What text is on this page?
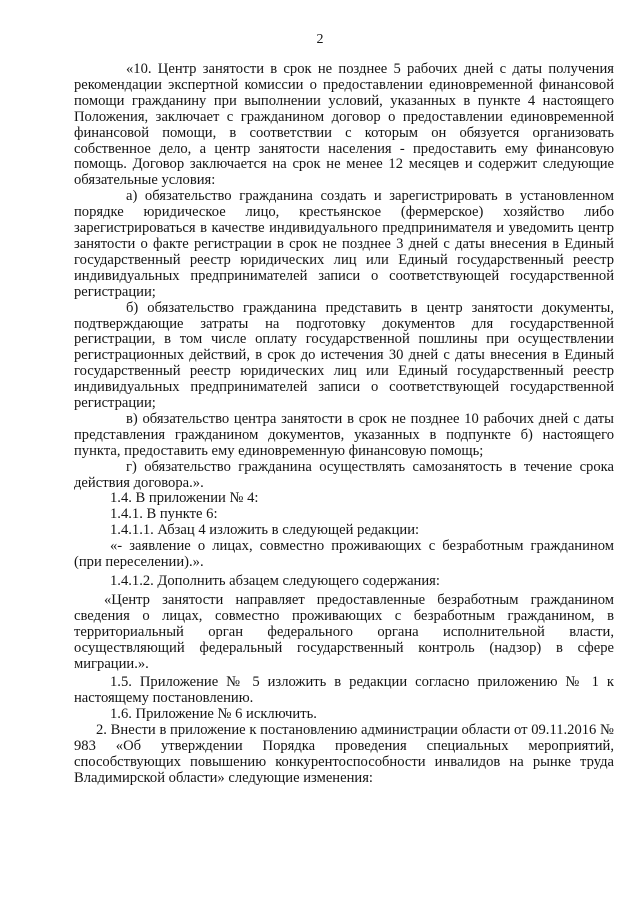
2

«10. Центр занятости в срок не позднее 5 рабочих дней с даты получения рекомендации экспертной комиссии о предоставлении единовременной финансовой помощи гражданину при выполнении условий, указанных в пункте 4 настоящего Положения, заключает с гражданином договор о предоставлении единовременной финансовой помощи, в соответствии с которым он обязуется организовать собственное дело, а центр занятости населения - предоставить ему финансовую помощь. Договор заключается на срок не менее 12 месяцев и содержит следующие обязательные условия:

а) обязательство гражданина создать и зарегистрировать в установленном порядке юридическое лицо, крестьянское (фермерское) хозяйство либо зарегистрироваться в качестве индивидуального предпринимателя и уведомить центр занятости о факте регистрации в срок не позднее 3 дней с даты внесения в Единый государственный реестр юридических лиц или Единый государственный реестр индивидуальных предпринимателей записи о соответствующей государственной регистрации;

б) обязательство гражданина представить в центр занятости документы, подтверждающие затраты на подготовку документов для государственной регистрации, в том числе оплату государственной пошлины при осуществлении регистрационных действий, в срок до истечения 30 дней с даты внесения в Единый государственный реестр юридических лиц или Единый государственный реестр индивидуальных предпринимателей записи о соответствующей государственной регистрации;

в) обязательство центра занятости в срок не позднее 10 рабочих дней с даты представления гражданином документов, указанных в подпункте б) настоящего пункта, предоставить ему единовременную финансовую помощь;

г) обязательство гражданина осуществлять самозанятость в течение срока действия договора.».

1.4. В приложении № 4:

1.4.1. В пункте 6:

1.4.1.1. Абзац 4 изложить в следующей редакции:

«- заявление о лицах, совместно проживающих с безработным гражданином (при переселении).».

1.4.1.2. Дополнить абзацем следующего содержания:

«Центр занятости направляет предоставленные безработным гражданином сведения о лицах, совместно проживающих с безработным гражданином, в территориальный орган федерального органа исполнительной власти, осуществляющий федеральный государственный контроль (надзор) в сфере миграции.».

1.5. Приложение № 5 изложить в редакции согласно приложению № 1 к настоящему постановлению.

1.6. Приложение № 6 исключить.

2. Внести в приложение к постановлению администрации области от 09.11.2016 № 983 «Об утверждении Порядка проведения специальных мероприятий, способствующих повышению конкурентоспособности инвалидов на рынке труда Владимирской области» следующие изменения:
